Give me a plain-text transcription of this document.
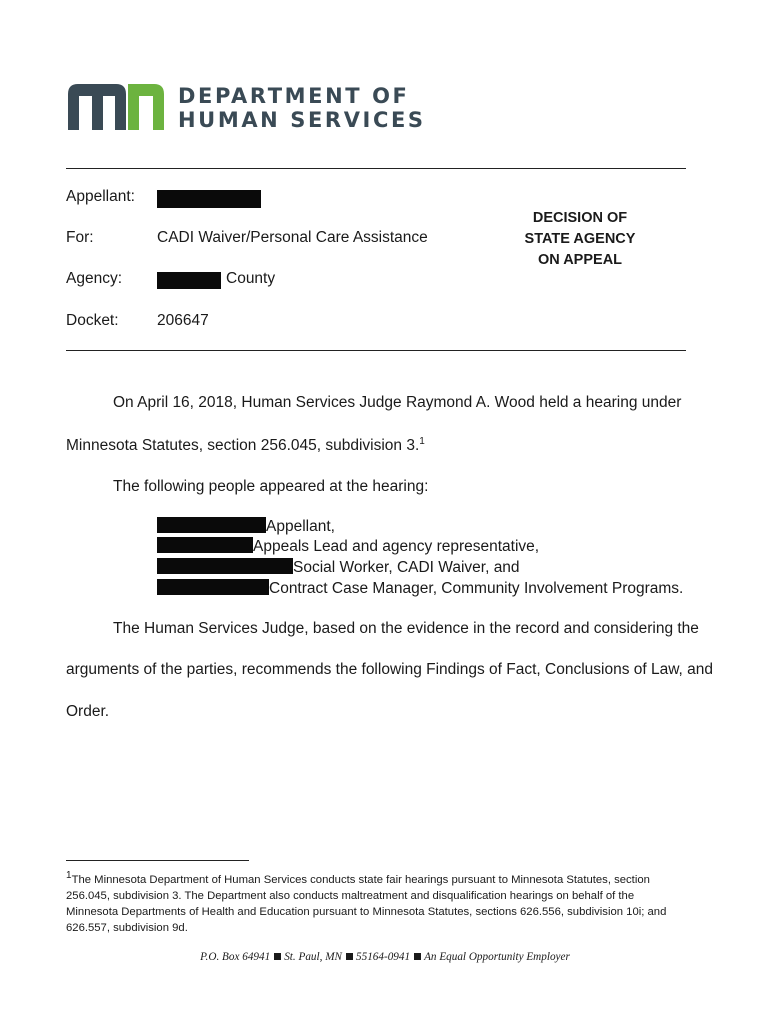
DEPARTMENT OF
HUMAN SERVICES
Appellant:
For:	CADI Waiver/Personal Care Assistance
Agency:	County
Docket: 206647
DECISION OF
STATE AGENCY
ON APPEAL
On April 16, 2018, Human Services Judge Raymond A. Wood held a hearing under
Minnesota Statutes, section 256.045, subdivision 3.$^1$
The following people appeared at the hearing:
Appellant,
Appeals Lead and agency representative,
Social Worker, CADI Waiver, and
Contract Case Manager, Community Involvement Programs.
The Human Services Judge, based on the evidence in the record and considering the
arguments of the parties, recommends the following Findings of Fact, Conclusions of Law, and
Order.
$^1$The Minnesota Department of Human Services conducts state fair hearings pursuant to Minnesota Statutes, section
256.045, subdivision 3. The Department also conducts maltreatment and disqualification hearings on behalf of the
Minnesota Departments of Health and Education pursuant to Minnesota Statutes, sections 626.556, subdivision 10i; and
626.557, subdivision 9d.
P.O. Box 64941 St. Paul, MN 55164-0941 An Equal Opportunity Employer
